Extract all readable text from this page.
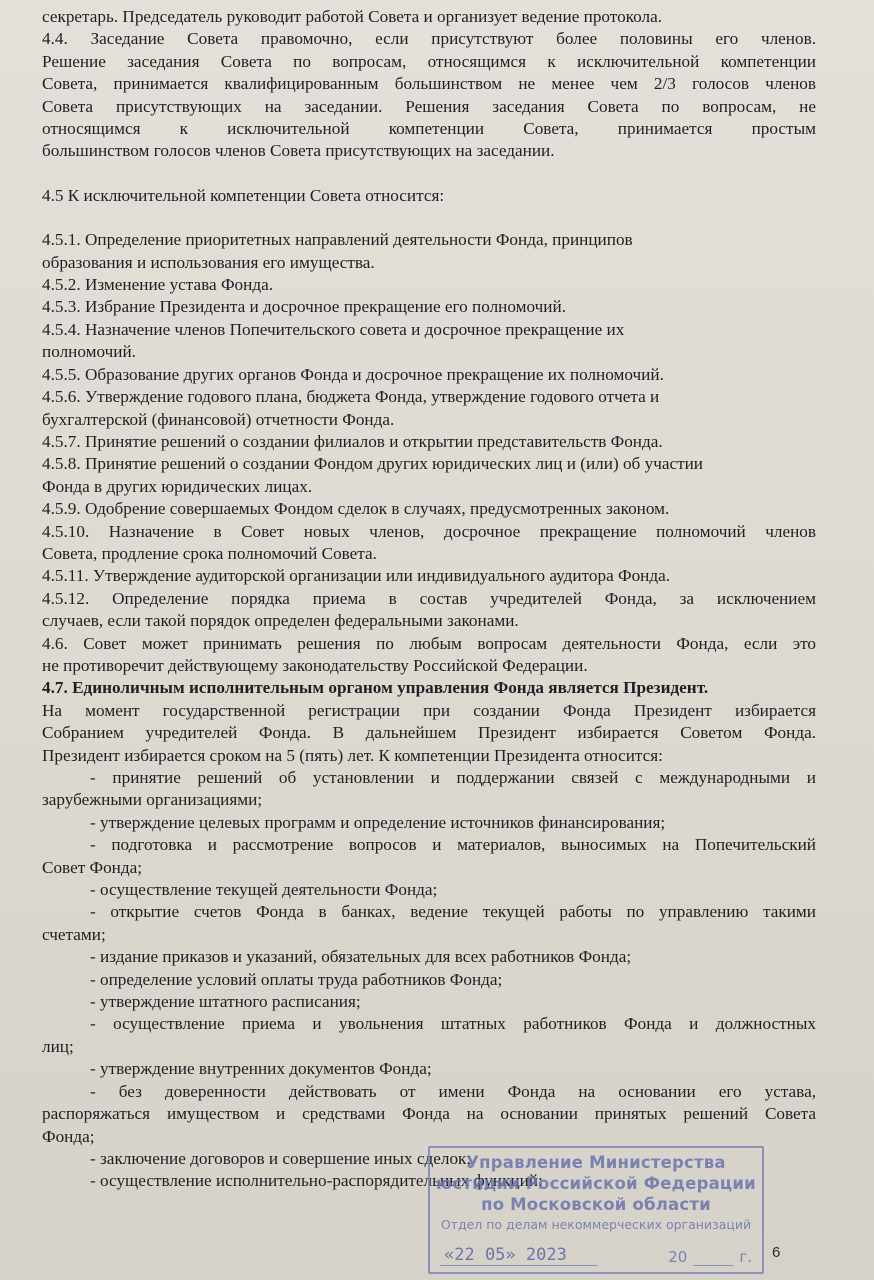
секретарь. Председатель руководит работой Совета и организует ведение протокола.

4.4. Заседание Совета правомочно, если присутствуют более половины его членов.

Решение заседания Совета по вопросам, относящимся к исключительной компетенции

Совета, принимается квалифицированным большинством не менее чем 2/3 голосов членов

Совета присутствующих на заседании. Решения заседания Совета по вопросам, не

относящимся к исключительной компетенции Совета, принимается простым

большинством голосов членов Совета присутствующих на заседании.

4.5 К исключительной компетенции Совета относится:

4.5.1. Определение приоритетных направлений деятельности Фонда, принципов

образования и использования его имущества.

4.5.2. Изменение устава Фонда.

4.5.3. Избрание Президента и досрочное прекращение его полномочий.

4.5.4. Назначение членов Попечительского совета и досрочное прекращение их

полномочий.

4.5.5. Образование других органов Фонда и досрочное прекращение их полномочий.

4.5.6. Утверждение годового плана, бюджета Фонда, утверждение годового отчета и

бухгалтерской (финансовой) отчетности Фонда.

4.5.7. Принятие решений о создании филиалов и открытии представительств Фонда.

4.5.8. Принятие решений о создании Фондом других юридических лиц и (или) об участии

Фонда в других юридических лицах.

4.5.9. Одобрение совершаемых Фондом сделок в случаях, предусмотренных законом.

4.5.10. Назначение в Совет новых членов, досрочное прекращение полномочий членов

Совета, продление срока полномочий Совета.

4.5.11. Утверждение аудиторской организации или индивидуального аудитора Фонда.

4.5.12. Определение порядка приема в состав учредителей Фонда, за исключением

случаев, если такой порядок определен федеральными законами.

4.6. Совет может принимать решения по любым вопросам деятельности Фонда, если это

не противоречит действующему законодательству Российской Федерации.

4.7. Единоличным исполнительным органом управления Фонда является Президент.

На момент государственной регистрации при создании Фонда Президент избирается

Собранием учредителей Фонда. В дальнейшем Президент избирается Советом Фонда.

Президент избирается сроком на 5 (пять) лет. К компетенции Президента относится:

- принятие решений об установлении и поддержании связей с международными и

зарубежными организациями;

- утверждение целевых программ и определение источников финансирования;

- подготовка и рассмотрение вопросов и материалов, выносимых на Попечительский

Совет Фонда;

- осуществление текущей деятельности Фонда;

- открытие счетов Фонда в банках, ведение текущей работы по управлению такими

счетами;

- издание приказов и указаний, обязательных для всех работников Фонда;

- определение условий оплаты труда работников Фонда;

- утверждение штатного расписания;

- осуществление приема и увольнения штатных работников Фонда и должностных

лиц;

- утверждение внутренних документов Фонда;

- без доверенности действовать от имени Фонда на основании его устава,

распоряжаться имуществом и средствами Фонда на основании принятых решений Совета

Фонда;

- заключение договоров и совершение иных сделок;

- осуществление исполнительно-распорядительных функций;

Управление Министерства
юстиции Российской Федерации
по Московской области
Отдел по делам некоммерческих организаций
«22 05» 2023	20	г. 6
